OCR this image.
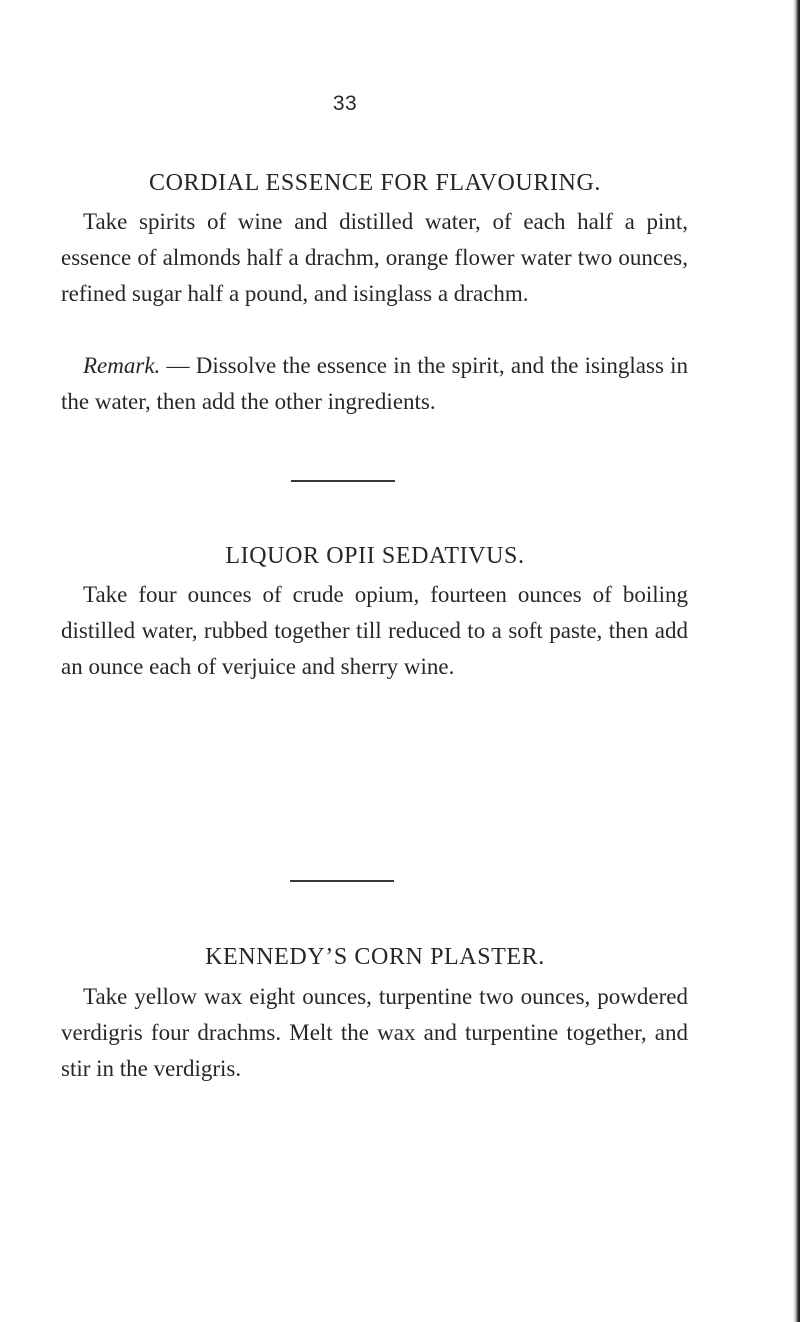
33
CORDIAL ESSENCE FOR FLAVOURING.

Take spirits of wine and distilled water, of each half a pint, essence of almonds half a drachm, orange flower water two ounces, refined sugar half a pound, and isinglass a drachm.

Remark. — Dissolve the essence in the spirit, and the isinglass in the water, then add the other ingredients.

LIQUOR OPII SEDATIVUS.

Take four ounces of crude opium, fourteen ounces of boiling distilled water, rubbed together till reduced to a soft paste, then add an ounce each of verjuice and sherry wine.

KENNEDY’S CORN PLASTER.

Take yellow wax eight ounces, turpentine two ounces, powdered verdigris four drachms. Melt the wax and turpentine together, and stir in the verdigris.
